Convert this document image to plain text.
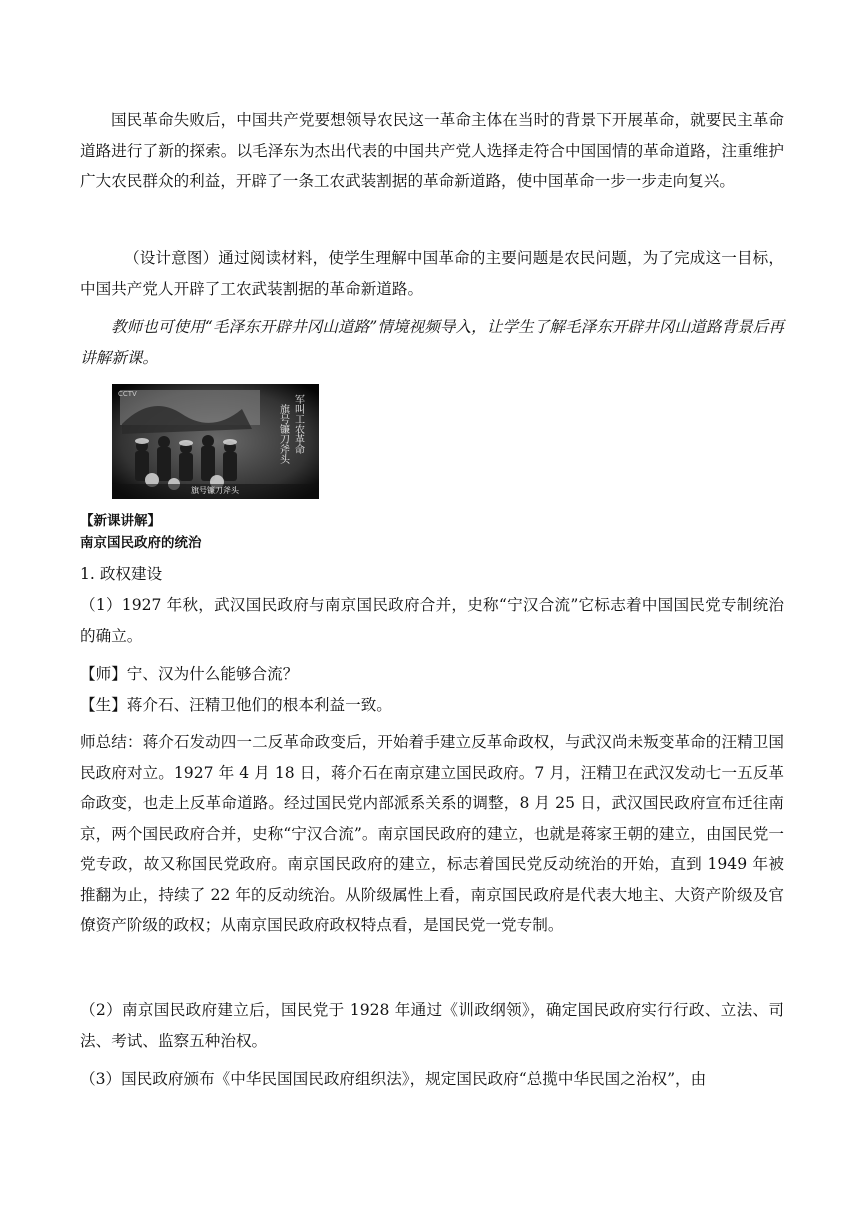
国民革命失败后，中国共产党要想领导农民这一革命主体在当时的背景下开展革命，就要民主革命道路进行了新的探索。以毛泽东为杰出代表的中国共产党人选择走符合中国国情的革命道路，注重维护广大农民群众的利益，开辟了一条工农武装割据的革命新道路，使中国革命一步一步走向复兴。

（设计意图）通过阅读材料，使学生理解中国革命的主要问题是农民问题，为了完成这一目标，中国共产党人开辟了工农武装割据的革命新道路。

教师也可使用“毛泽东开辟井冈山道路”情境视频导入，让学生了解毛泽东开辟井冈山道路背景后再讲解新课。

CCTV	军叫工农革命
旗号镰刀斧头
旗号镰刀斧头

【新课讲解】

南京国民政府的统治

1. 政权建设

（1）1927 年秋，武汉国民政府与南京国民政府合并，史称“宁汉合流”它标志着中国国民党专制统治的确立。

【师】宁、汉为什么能够合流？

【生】蒋介石、汪精卫他们的根本利益一致。

师总结：蒋介石发动四一二反革命政变后，开始着手建立反革命政权，与武汉尚未叛变革命的汪精卫国民政府对立。1927 年 4 月 18 日，蒋介石在南京建立国民政府。7 月，汪精卫在武汉发动七一五反革命政变，也走上反革命道路。经过国民党内部派系关系的调整，8 月 25 日，武汉国民政府宣布迁往南京，两个国民政府合并，史称“宁汉合流”。南京国民政府的建立，也就是蒋家王朝的建立，由国民党一党专政，故又称国民党政府。南京国民政府的建立，标志着国民党反动统治的开始，直到 1949 年被推翻为止，持续了 22 年的反动统治。从阶级属性上看，南京国民政府是代表大地主、大资产阶级及官僚资产阶级的政权；从南京国民政府政权特点看，是国民党一党专制。

（2）南京国民政府建立后，国民党于 1928 年通过《训政纲领》，确定国民政府实行行政、立法、司法、考试、监察五种治权。

（3）国民政府颁布《中华民国国民政府组织法》，规定国民政府“总揽中华民国之治权”，由
